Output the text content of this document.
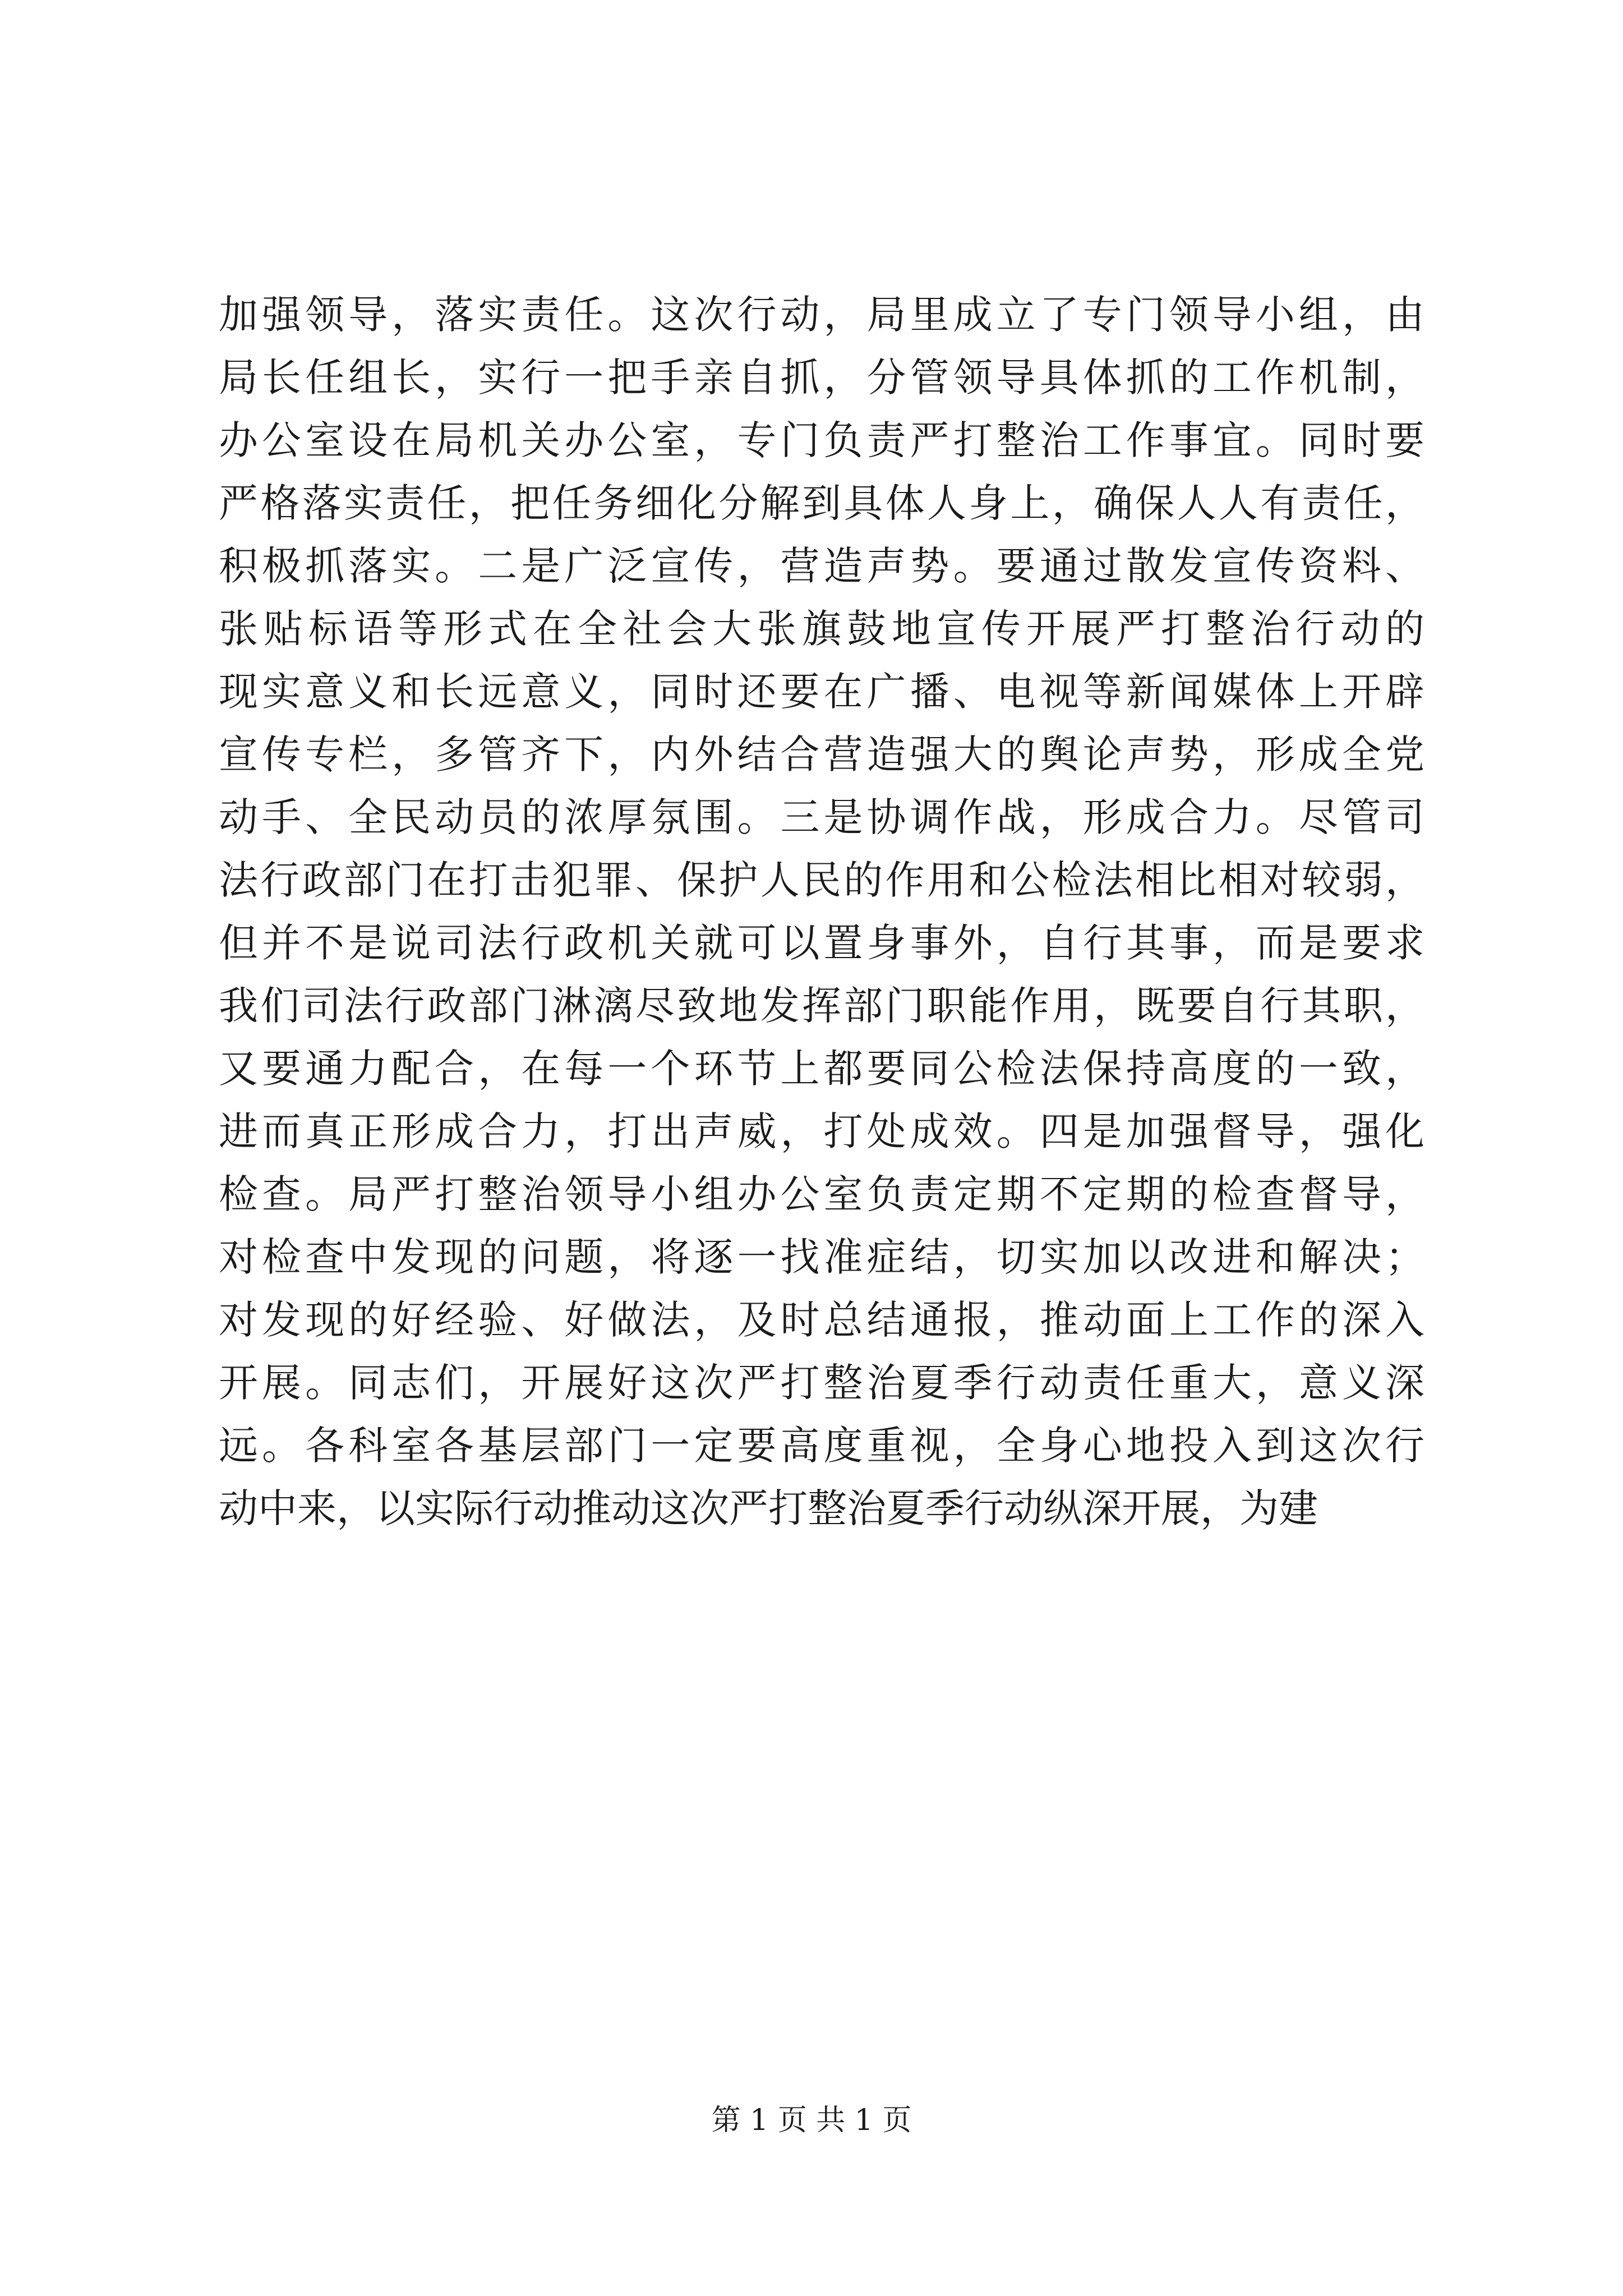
加强领导，落实责任。这次行动，局里成立了专门领导小组，由
局长任组长，实行一把手亲自抓，分管领导具体抓的工作机制，
办公室设在局机关办公室，专门负责严打整治工作事宜。同时要
严格落实责任，把任务细化分解到具体人身上，确保人人有责任，
积极抓落实。二是广泛宣传，营造声势。要通过散发宣传资料、
张贴标语等形式在全社会大张旗鼓地宣传开展严打整治行动的
现实意义和长远意义，同时还要在广播、电视等新闻媒体上开辟
宣传专栏，多管齐下，内外结合营造强大的舆论声势，形成全党
动手、全民动员的浓厚氛围。三是协调作战，形成合力。尽管司
法行政部门在打击犯罪、保护人民的作用和公检法相比相对较弱，
但并不是说司法行政机关就可以置身事外，自行其事，而是要求
我们司法行政部门淋漓尽致地发挥部门职能作用，既要自行其职，
又要通力配合，在每一个环节上都要同公检法保持高度的一致，
进而真正形成合力，打出声威，打处成效。四是加强督导，强化
检查。局严打整治领导小组办公室负责定期不定期的检查督导，
对检查中发现的问题，将逐一找准症结，切实加以改进和解决；
对发现的好经验、好做法，及时总结通报，推动面上工作的深入
开展。同志们，开展好这次严打整治夏季行动责任重大，意义深
远。各科室各基层部门一定要高度重视，全身心地投入到这次行
动中来，以实际行动推动这次严打整治夏季行动纵深开展，为建
第 1 页 共 1 页
